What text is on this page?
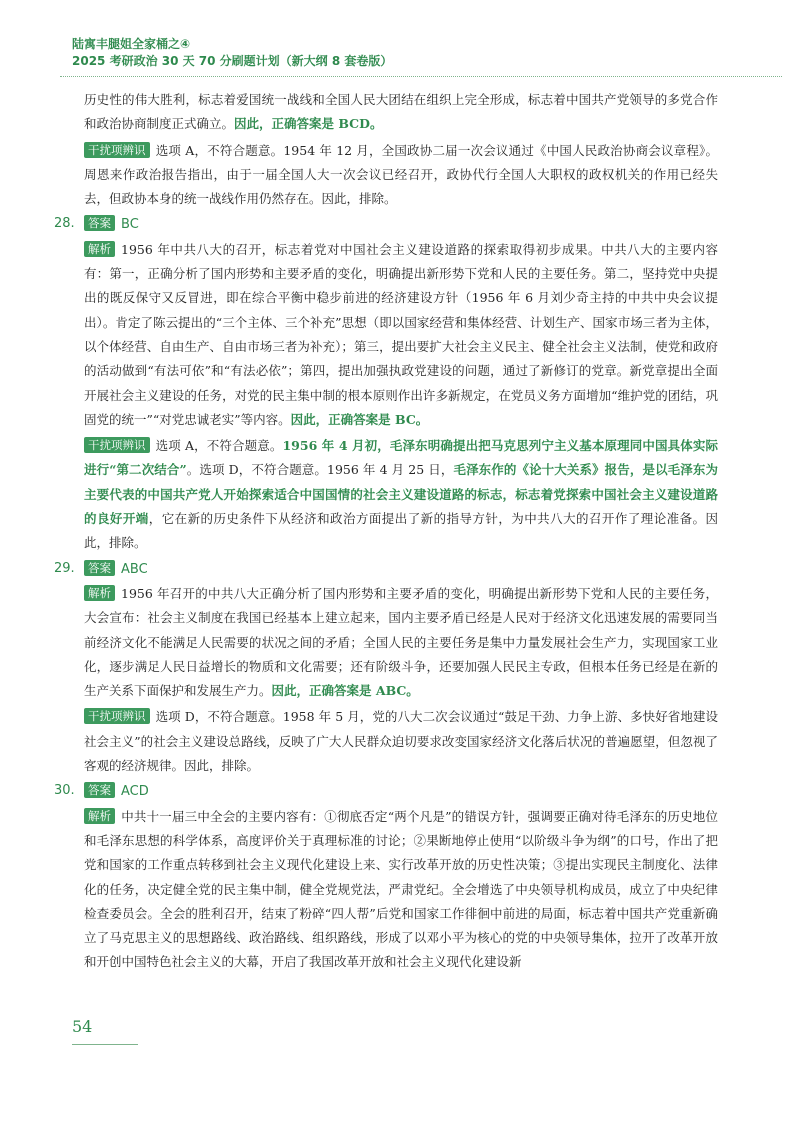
陆寓丰腿姐全家桶之④
2025 考研政治 30 天 70 分刷题计划（新大纲 8 套卷版）

历史性的伟大胜利，标志着爱国统一战线和全国人民大团结在组织上完全形成，标志着中国共产党领导的多党合作和政治协商制度正式确立。因此，正确答案是 BCD。

干扰项辨识 选项 A，不符合题意。1954 年 12 月，全国政协二届一次会议通过《中国人民政治协商会议章程》。周恩来作政治报告指出，由于一届全国人大一次会议已经召开，政协代行全国人大职权的政权机关的作用已经失去，但政协本身的统一战线作用仍然存在。因此，排除。

28.	答案 BC

解析 1956 年中共八大的召开，标志着党对中国社会主义建设道路的探索取得初步成果。中共八大的主要内容有：第一，正确分析了国内形势和主要矛盾的变化，明确提出新形势下党和人民的主要任务。第二，坚持党中央提出的既反保守又反冒进，即在综合平衡中稳步前进的经济建设方针（1956 年 6 月刘少奇主持的中共中央会议提出）。肯定了陈云提出的“三个主体、三个补充”思想（即以国家经营和集体经营、计划生产、国家市场三者为主体，以个体经营、自由生产、自由市场三者为补充）；第三，提出要扩大社会主义民主、健全社会主义法制，使党和政府的活动做到“有法可依”和“有法必依”；第四，提出加强执政党建设的问题，通过了新修订的党章。新党章提出全面开展社会主义建设的任务，对党的民主集中制的根本原则作出许多新规定，在党员义务方面增加“维护党的团结，巩固党的统一”“对党忠诚老实”等内容。因此，正确答案是 BC。

干扰项辨识 选项 A，不符合题意。1956 年 4 月初，毛泽东明确提出把马克思列宁主义基本原理同中国具体实际进行“第二次结合”。选项 D，不符合题意。1956 年 4 月 25 日，毛泽东作的《论十大关系》报告，是以毛泽东为主要代表的中国共产党人开始探索适合中国国情的社会主义建设道路的标志，标志着党探索中国社会主义建设道路的良好开端，它在新的历史条件下从经济和政治方面提出了新的指导方针，为中共八大的召开作了理论准备。因此，排除。

29.	答案 ABC

解析 1956 年召开的中共八大正确分析了国内形势和主要矛盾的变化，明确提出新形势下党和人民的主要任务，大会宣布：社会主义制度在我国已经基本上建立起来，国内主要矛盾已经是人民对于经济文化迅速发展的需要同当前经济文化不能满足人民需要的状况之间的矛盾；全国人民的主要任务是集中力量发展社会生产力，实现国家工业化，逐步满足人民日益增长的物质和文化需要；还有阶级斗争，还要加强人民民主专政，但根本任务已经是在新的生产关系下面保护和发展生产力。因此，正确答案是 ABC。

干扰项辨识 选项 D，不符合题意。1958 年 5 月，党的八大二次会议通过“鼓足干劲、力争上游、多快好省地建设社会主义”的社会主义建设总路线，反映了广大人民群众迫切要求改变国家经济文化落后状况的普遍愿望，但忽视了客观的经济规律。因此，排除。

30.	答案 ACD

解析 中共十一届三中全会的主要内容有：①彻底否定“两个凡是”的错误方针，强调要正确对待毛泽东的历史地位和毛泽东思想的科学体系，高度评价关于真理标准的讨论；②果断地停止使用“以阶级斗争为纲”的口号，作出了把党和国家的工作重点转移到社会主义现代化建设上来、实行改革开放的历史性决策；③提出实现民主制度化、法律化的任务，决定健全党的民主集中制，健全党规党法，严肃党纪。全会增选了中央领导机构成员，成立了中央纪律检查委员会。全会的胜利召开，结束了粉碎“四人帮”后党和国家工作徘徊中前进的局面，标志着中国共产党重新确立了马克思主义的思想路线、政治路线、组织路线，形成了以邓小平为核心的党的中央领导集体，拉开了改革开放和开创中国特色社会主义的大幕，开启了我国改革开放和社会主义现代化建设新

54
